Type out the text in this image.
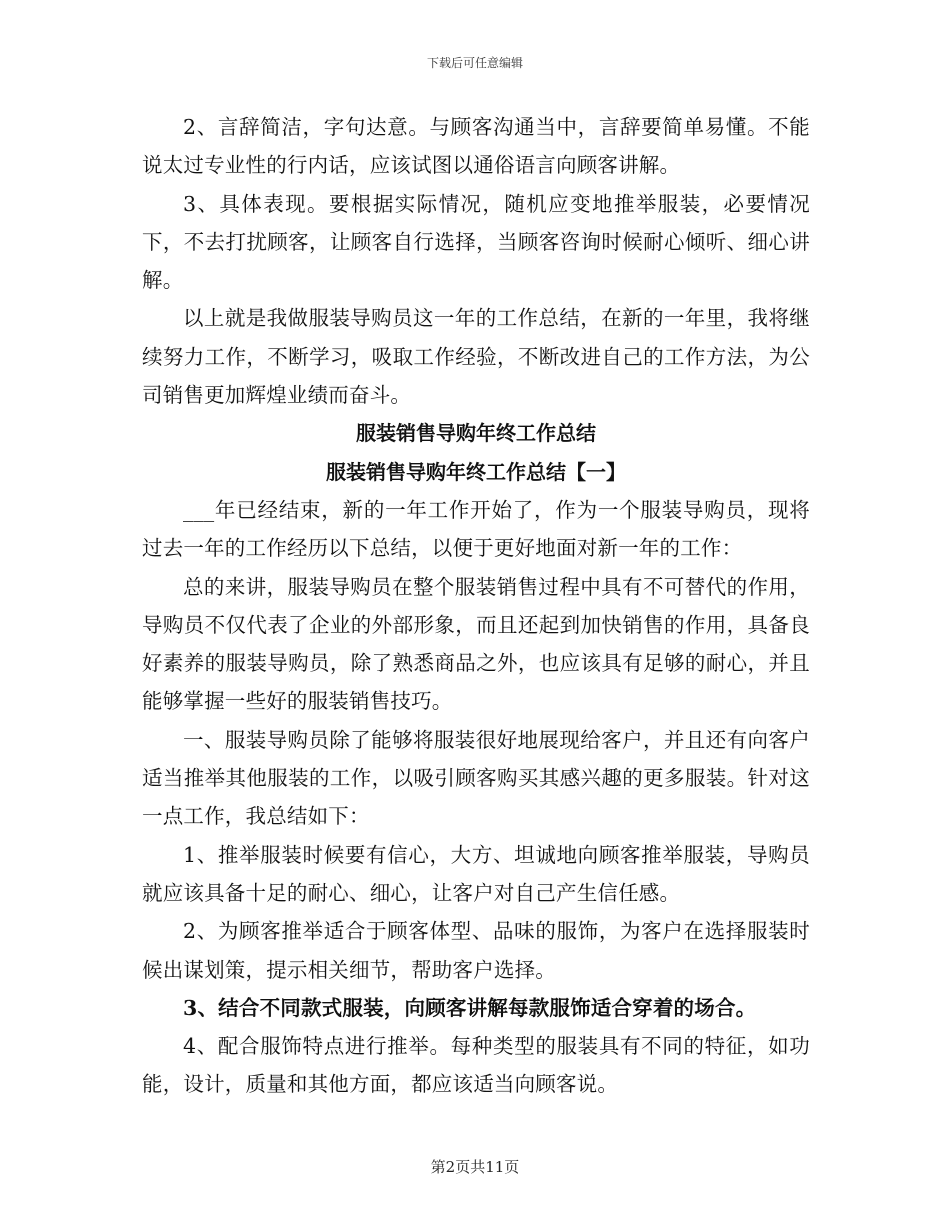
下载后可任意编辑

2、言辞简洁，字句达意。与顾客沟通当中，言辞要简单易懂。不能说太过专业性的行内话，应该试图以通俗语言向顾客讲解。

3、具体表现。要根据实际情况，随机应变地推举服装，必要情况下，不去打扰顾客，让顾客自行选择，当顾客咨询时候耐心倾听、细心讲解。

以上就是我做服装导购员这一年的工作总结，在新的一年里，我将继续努力工作，不断学习，吸取工作经验，不断改进自己的工作方法，为公司销售更加辉煌业绩而奋斗。

服装销售导购年终工作总结

服装销售导购年终工作总结【一】

___年已经结束，新的一年工作开始了，作为一个服装导购员，现将过去一年的工作经历以下总结，以便于更好地面对新一年的工作：

总的来讲，服装导购员在整个服装销售过程中具有不可替代的作用，导购员不仅代表了企业的外部形象，而且还起到加快销售的作用，具备良好素养的服装导购员，除了熟悉商品之外，也应该具有足够的耐心，并且能够掌握一些好的服装销售技巧。

一、服装导购员除了能够将服装很好地展现给客户，并且还有向客户适当推举其他服装的工作，以吸引顾客购买其感兴趣的更多服装。针对这一点工作，我总结如下：

1、推举服装时候要有信心，大方、坦诚地向顾客推举服装，导购员就应该具备十足的耐心、细心，让客户对自己产生信任感。

2、为顾客推举适合于顾客体型、品味的服饰，为客户在选择服装时候出谋划策，提示相关细节，帮助客户选择。

3、结合不同款式服装，向顾客讲解每款服饰适合穿着的场合。

4、配合服饰特点进行推举。每种类型的服装具有不同的特征，如功能，设计，质量和其他方面，都应该适当向顾客说。

第2页共11页
